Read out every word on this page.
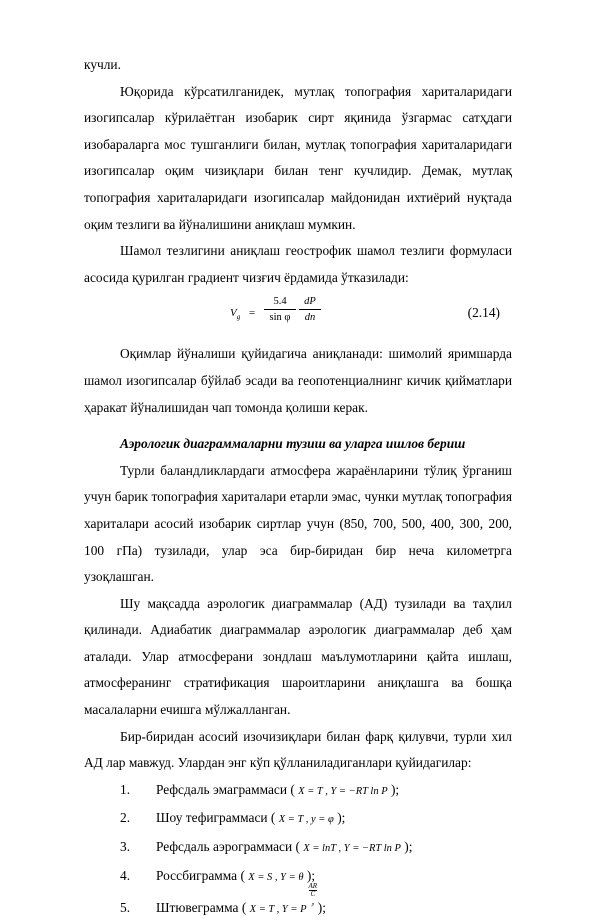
кучли.

Юқорида кўрсатилганидек, мутлақ топография хариталаридаги изогипсалар кўрилаётган изобарик сирт яқинида ўзгармас сатҳдаги изобараларга мос тушганлиги билан, мутлақ топография хариталаридаги изогипсалар оқим чизиқлари билан тенг кучлидир. Демак, мутлақ топография хариталаридаги изогипсалар майдонидан ихтиёрий нуқтада оқим тезлиги ва йўналишини аниқлаш мумкин.

Шамол тезлигини аниқлаш геострофик шамол тезлиги формуласи асосида қурилган градиент чизғич ёрдамида ўтказилади:

$V_g = \frac{5.4}{\text{sin φ}} \frac{dP}{dn}$	(2.14)

Оқимлар йўналиши қуйидагича аниқланади: шимолий яримшарда шамол изогипсалар бўйлаб эсади ва геопотенциалнинг кичик қийматлари ҳаракат йўналишидан чап томонда қолиши керак.

Аэрологик диаграммаларни тузиш ва уларга ишлов бериш

Турли баландликлардаги атмосфера жараёнларини тўлиқ ўрганиш учун барик топография хариталари етарли эмас, чунки мутлақ топография хариталари асосий изобарик сиртлар учун (850, 700, 500, 400, 300, 200, 100 гПа) тузилади, улар эса бир-биридан бир неча километрга узоқлашган.

Шу мақсадда аэрологик диаграммалар (АД) тузилади ва таҳлил қилинади. Адиабатик диаграммалар аэрологик диаграммалар деб ҳам аталади. Улар атмосферани зондлаш маълумотларини қайта ишлаш, атмосферанинг стратификация шароитларини аниқлашга ва бошқа масалаларни ечишга мўлжалланган.

Бир-биридан асосий изочизиқлари билан фарқ қилувчи, турли хил АД лар мавжуд. Улардан энг кўп қўлланиладиганлари қуйидагилар:

1.	Рефсдаль эмаграммаси ( X = T , Y = −RT ln P );
2.	Шоу тефиграммаси ( X = T , y = φ );
3.	Рефсдаль аэрограммаси ( X = lnT , Y = −RT ln P );
4.	Россбиграмма ( X = S , Y = θ );
5.	Штювеграмма ( X = T , Y = P
AR
C
$_p$ );
